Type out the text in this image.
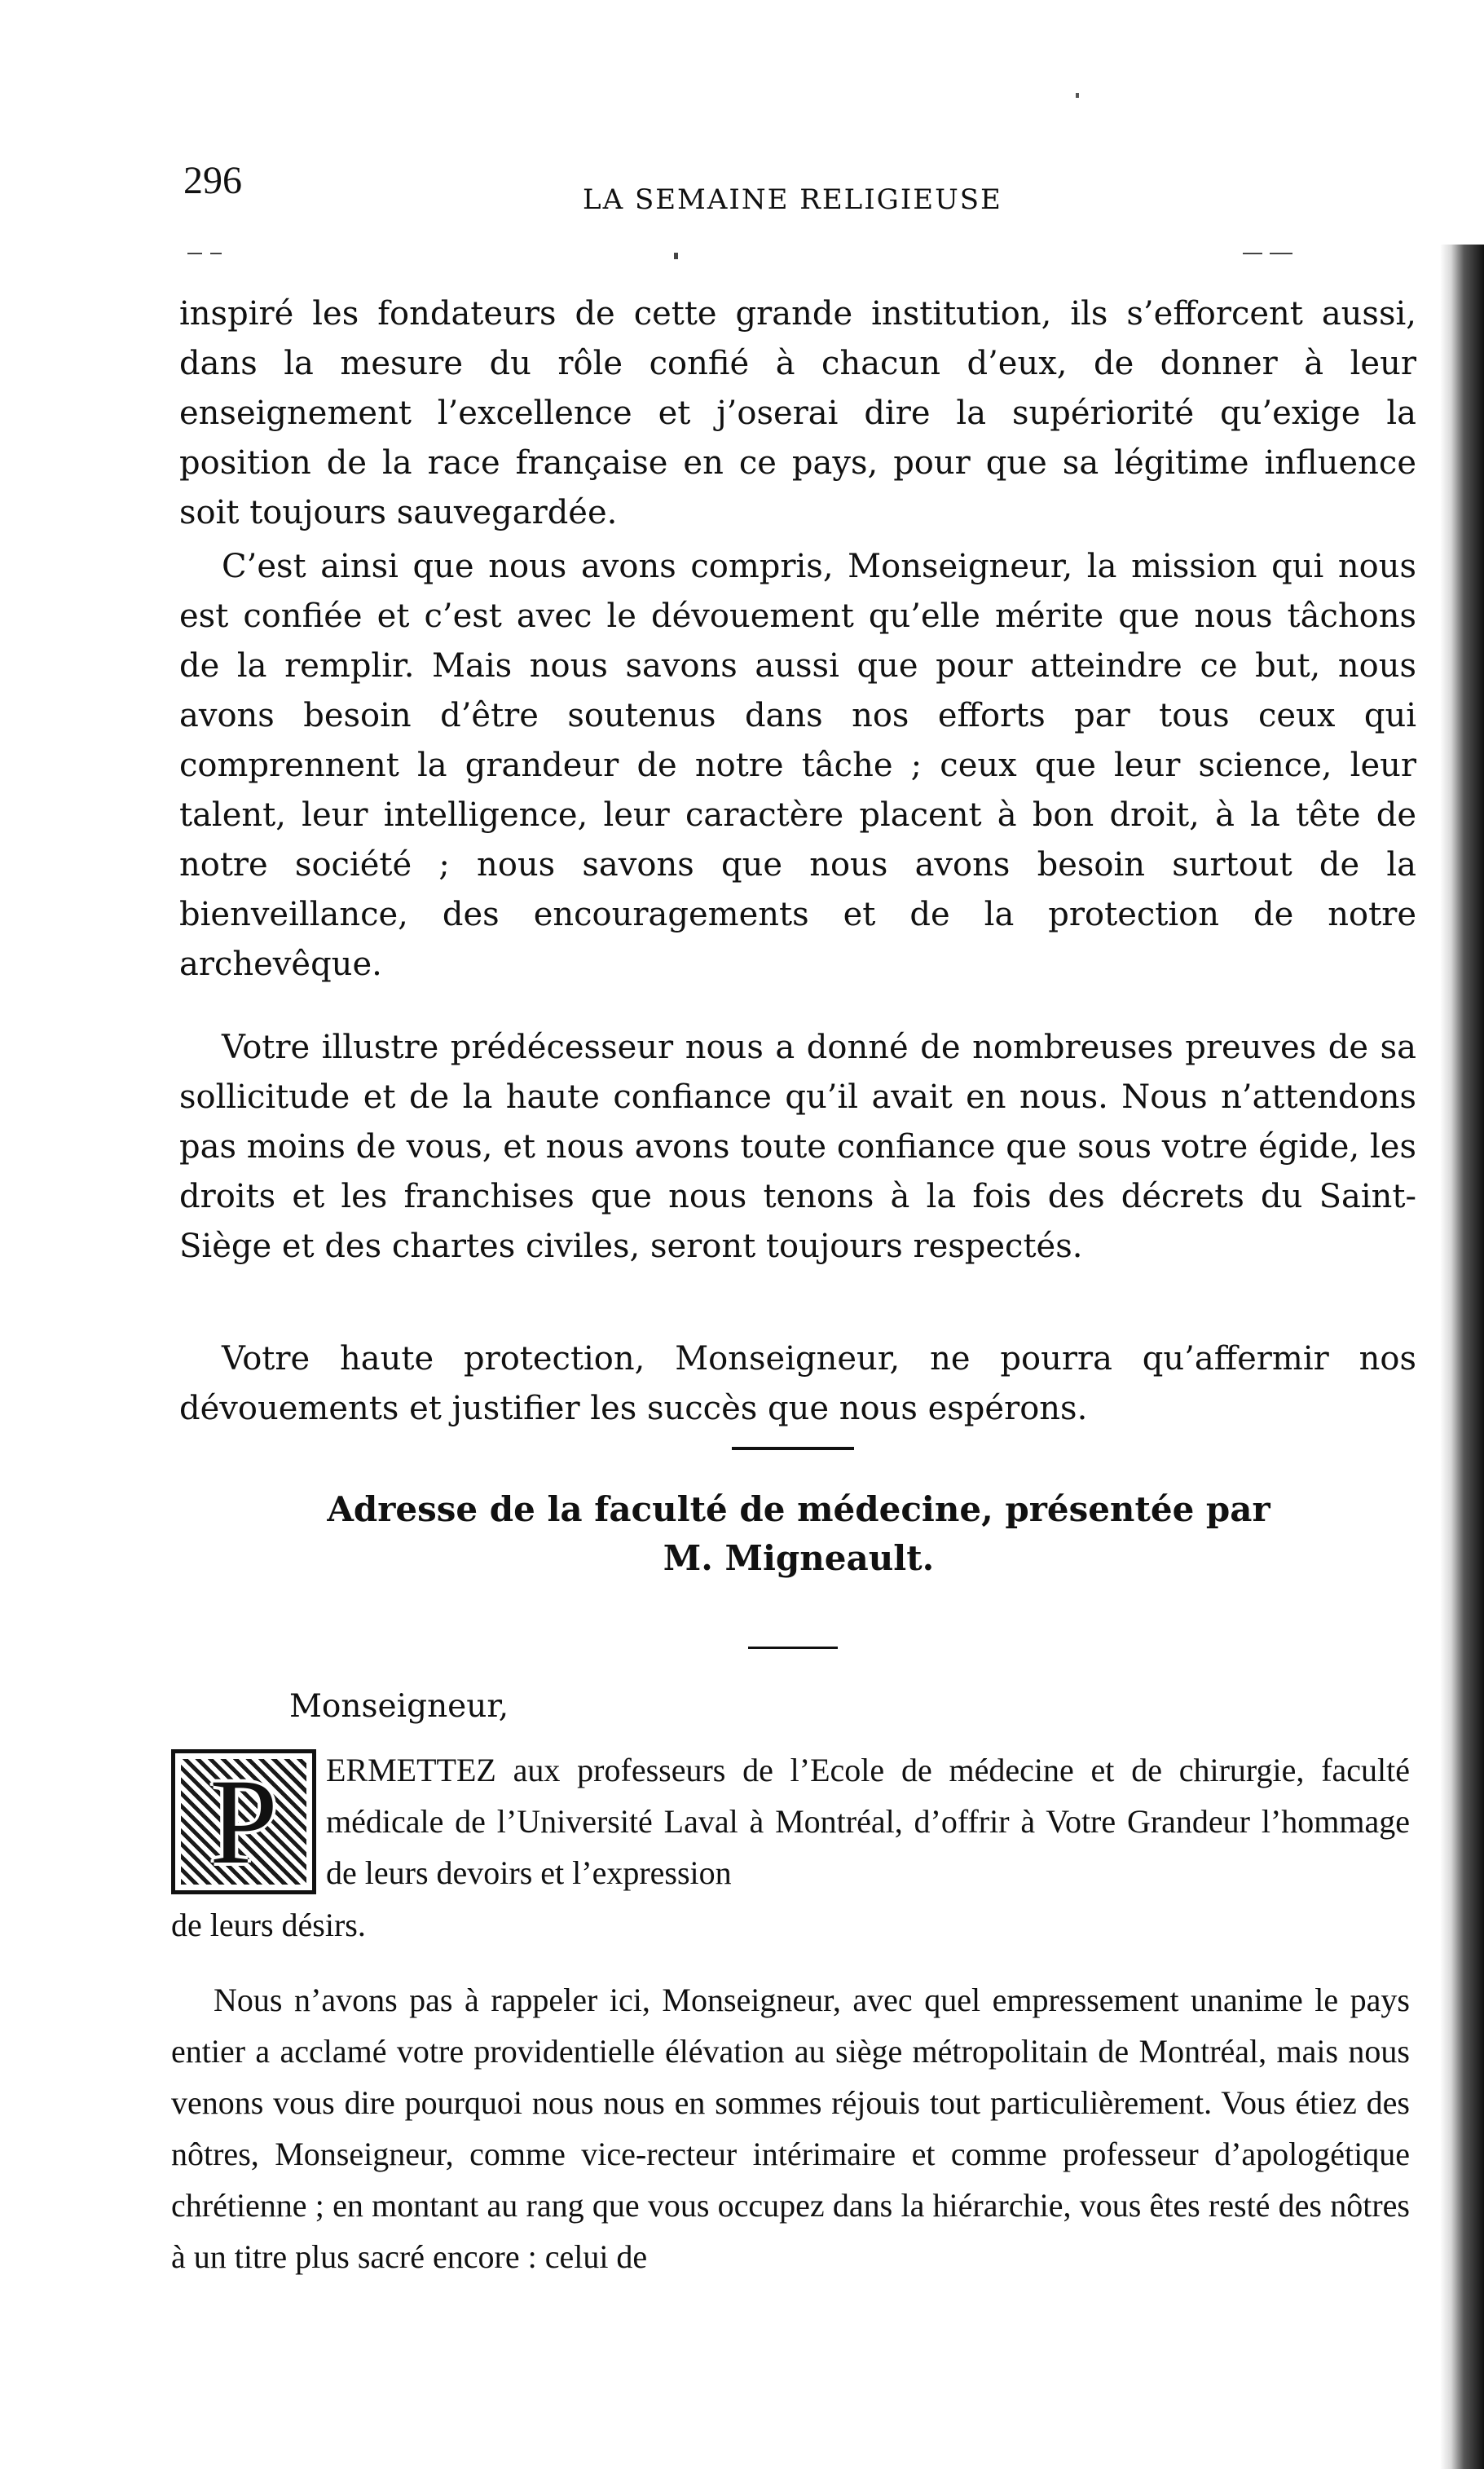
296	LA SEMAINE RELIGIEUSE

inspiré les fondateurs de cette grande institution, ils s’efforcent aussi, dans la mesure du rôle confié à chacun d’eux, de donner à leur enseignement l’excellence et j’oserai dire la supériorité qu’exige la position de la race française en ce pays, pour que sa légitime influence soit toujours sauvegardée.

C’est ainsi que nous avons compris, Monseigneur, la mission qui nous est confiée et c’est avec le dévouement qu’elle mérite que nous tâchons de la remplir. Mais nous savons aussi que pour atteindre ce but, nous avons besoin d’être soutenus dans nos efforts par tous ceux qui comprennent la grandeur de notre tâche ; ceux que leur science, leur talent, leur intelligence, leur caractère placent à bon droit, à la tête de notre société ; nous savons que nous avons besoin surtout de la bienveillance, des encouragements et de la protection de notre archevêque.

Votre illustre prédécesseur nous a donné de nombreuses preuves de sa sollicitude et de la haute confiance qu’il avait en nous. Nous n’attendons pas moins de vous, et nous avons toute confiance que sous votre égide, les droits et les franchises que nous tenons à la fois des décrets du Saint-Siège et des chartes civiles, seront toujours respectés.

Votre haute protection, Monseigneur, ne pourra qu’affermir nos dévouements et justifier les succès que nous espérons.

Adresse de la faculté de médecine, présentée par
M. Migneault.

Monseigneur,

P	ERMETTEZ aux professeurs de l’Ecole de médecine et de chirurgie, faculté médicale de l’Université Laval à Montréal, d’offrir à Votre Grandeur l’hommage de leurs devoirs et l’expression

de leurs désirs.

Nous n’avons pas à rappeler ici, Monseigneur, avec quel empressement unanime le pays entier a acclamé votre providentielle élévation au siège métropolitain de Montréal, mais nous venons vous dire pourquoi nous nous en sommes réjouis tout particulièrement. Vous étiez des nôtres, Monseigneur, comme vice-recteur intérimaire et comme professeur d’apologétique chrétienne ; en montant au rang que vous occupez dans la hiérarchie, vous êtes resté des nôtres à un titre plus sacré encore : celui de
